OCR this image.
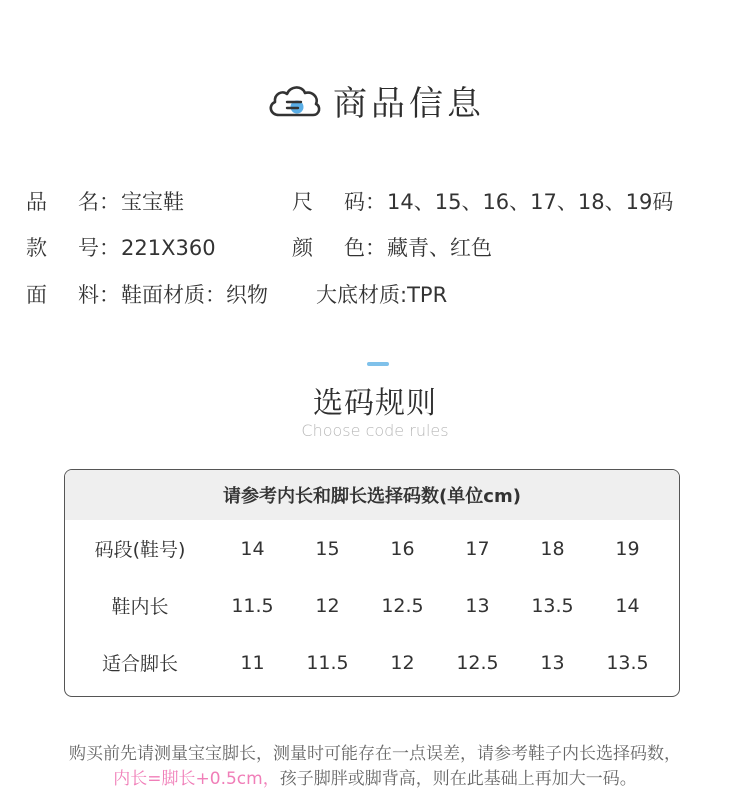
商品信息
品 名：宝宝鞋	尺 码：14、15、16、17、18、19码
款 号：221X360	颜 色：藏青、红色
面 料：鞋面材质：织物 大底材质:TPR
选码规则
Choose code rules
请参考内长和脚长选择码数(单位cm)
码段(鞋号)	14	15	16	17	18	19
鞋内长	11.5	12	12.5	13	13.5	14
适合脚长	11	11.5	12	12.5	13	13.5
购买前先请测量宝宝脚长，测量时可能存在一点误差，请参考鞋子内长选择码数，
内长=脚长+0.5cm，孩子脚胖或脚背高，则在此基础上再加大一码。
